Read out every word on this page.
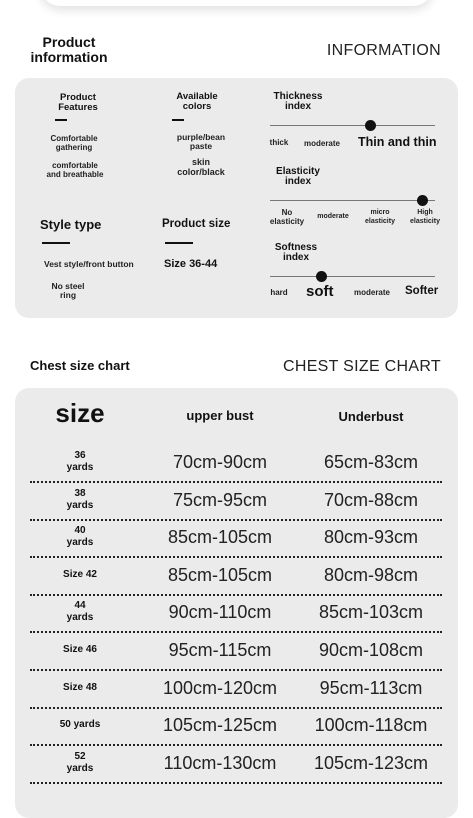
Product
information	INFORMATION
Product
Features
Comfortable
gathering
comfortable
and breathable
Available
colors
purple/bean
paste
skin
color/black
Style type
Vest style/front button
No steel
ring
Product size
Size 36-44
Thickness
index
thick	moderate	Thin and thin
Elasticity
index
No
elasticity
moderate
micro
elasticity
High
elasticity
Softness
index
hard soft	moderate	Softer
Chest size chart	CHEST SIZE CHART
size	upper bust	Underbust
36
yards	70cm-90cm	65cm-83cm
38
yards	75cm-95cm	70cm-88cm
40
yards	85cm-105cm	80cm-93cm
Size 42	85cm-105cm	80cm-98cm
44
yards	90cm-110cm	85cm-103cm
Size 46	95cm-115cm	90cm-108cm
Size 48	100cm-120cm	95cm-113cm
50 yards	105cm-125cm	100cm-118cm
52
yards	110cm-130cm	105cm-123cm
